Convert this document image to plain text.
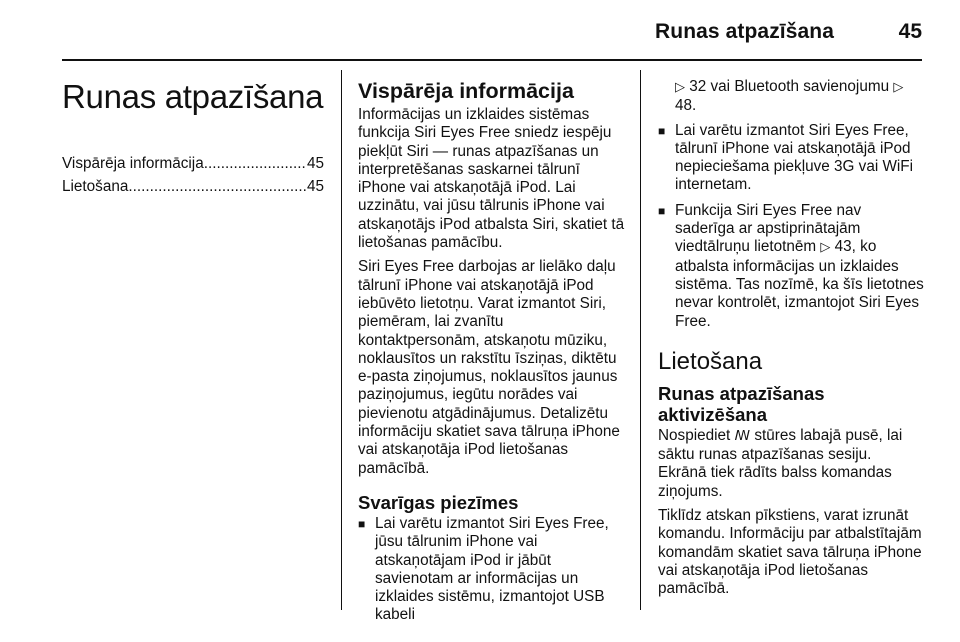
Runas atpazīšana	45
Runas atpazīšana
Vispārēja informācija .....	45
Lietošana .....	45
Vispārēja informācija

Informācijas un izklaides sistēmas funkcija Siri Eyes Free sniedz iespēju piekļūt Siri — runas atpazīšanas un interpretēšanas saskarnei tālrunī iPhone vai atskaņotājā iPod. Lai uzzinātu, vai jūsu tālrunis iPhone vai atskaņotājs iPod atbalsta Siri, skatiet tā lietošanas pamācību.

Siri Eyes Free darbojas ar lielāko daļu tālrunī iPhone vai atskaņotājā iPod iebūvēto lietotņu. Varat izmantot Siri, piemēram, lai zvanītu kontaktpersonām, atskaņotu mūziku, noklausītos un rakstītu īsziņas, diktētu e-pasta ziņojumus, noklausītos jaunus paziņojumus, iegūtu norādes vai pievienotu atgādinājumus. Detalizētu informāciju skatiet sava tālruņa iPhone vai atskaņotāja iPod lietošanas pamācībā.

Svarīgas piezīmes
■ Lai varētu izmantot Siri Eyes Free, jūsu tālrunim iPhone vai atskaņotājam iPod ir jābūt savienotam ar informācijas un izklaides sistēmu, izmantojot USB kabeli

▷ 32 vai Bluetooth savienojumu ▷ 48.

■ Lai varētu izmantot Siri Eyes Free, tālrunī iPhone vai atskaņotājā iPod nepieciešama piekļuve 3G vai WiFi internetam.
■ Funkcija Siri Eyes Free nav saderīga ar apstiprinātajām viedtālruņu lietotnēm ▷ 43, ko atbalsta informācijas un izklaides sistēma. Tas nozīmē, ka šīs lietotnes nevar kontrolēt, izmantojot Siri Eyes Free.
Lietošana
Runas atpazīšanas aktivizēšana

Nospiediet ꟿ stūres labajā pusē, lai sāktu runas atpazīšanas sesiju. Ekrānā tiek rādīts balss komandas ziņojums.

Tiklīdz atskan pīkstiens, varat izrunāt komandu. Informāciju par atbalstītajām komandām skatiet sava tālruņa iPhone vai atskaņotāja iPod lietošanas pamācībā.
